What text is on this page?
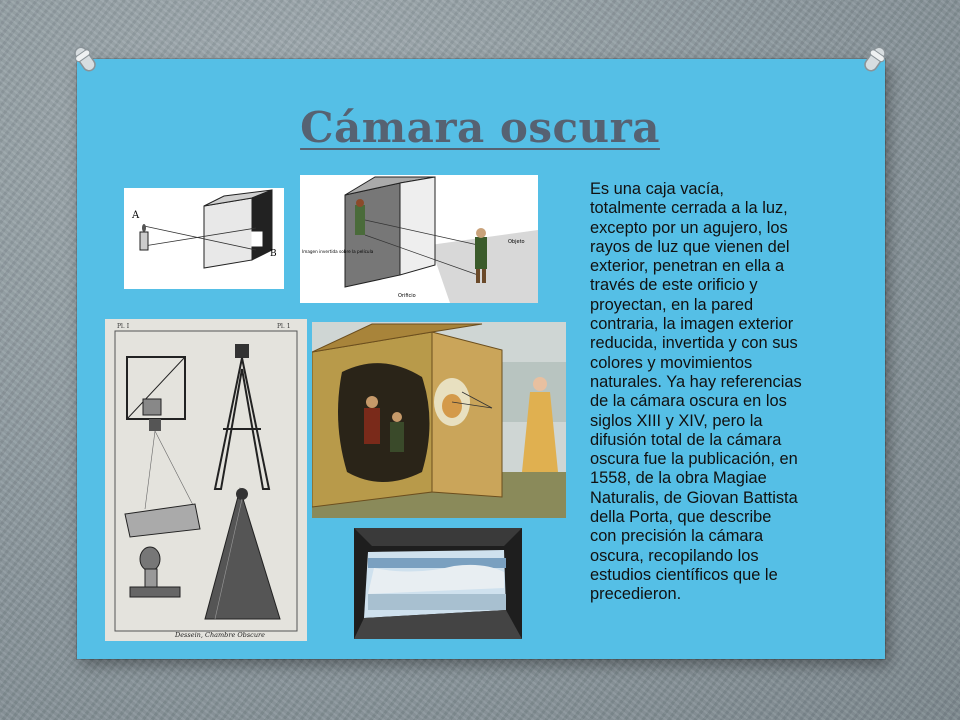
Cámara oscura
A
B	Imagen invertida sobre la película
Orificio
Objeto
Pl. I	Pl. 1
Dessein, Chambre Obscure
Es una caja vacía,
totalmente cerrada a la luz,
excepto por un agujero, los
rayos de luz que vienen del
exterior, penetran en ella a
través de este orificio y
proyectan, en la pared
contraria, la imagen exterior
reducida, invertida y con sus
colores y movimientos
naturales. Ya hay referencias
de la cámara oscura en los
siglos XIII y XIV, pero la
difusión total de la cámara
oscura fue la publicación, en
1558, de la obra Magiae
Naturalis, de Giovan Battista
della Porta, que describe
con precisión la cámara
oscura, recopilando los
estudios científicos que le
precedieron.
